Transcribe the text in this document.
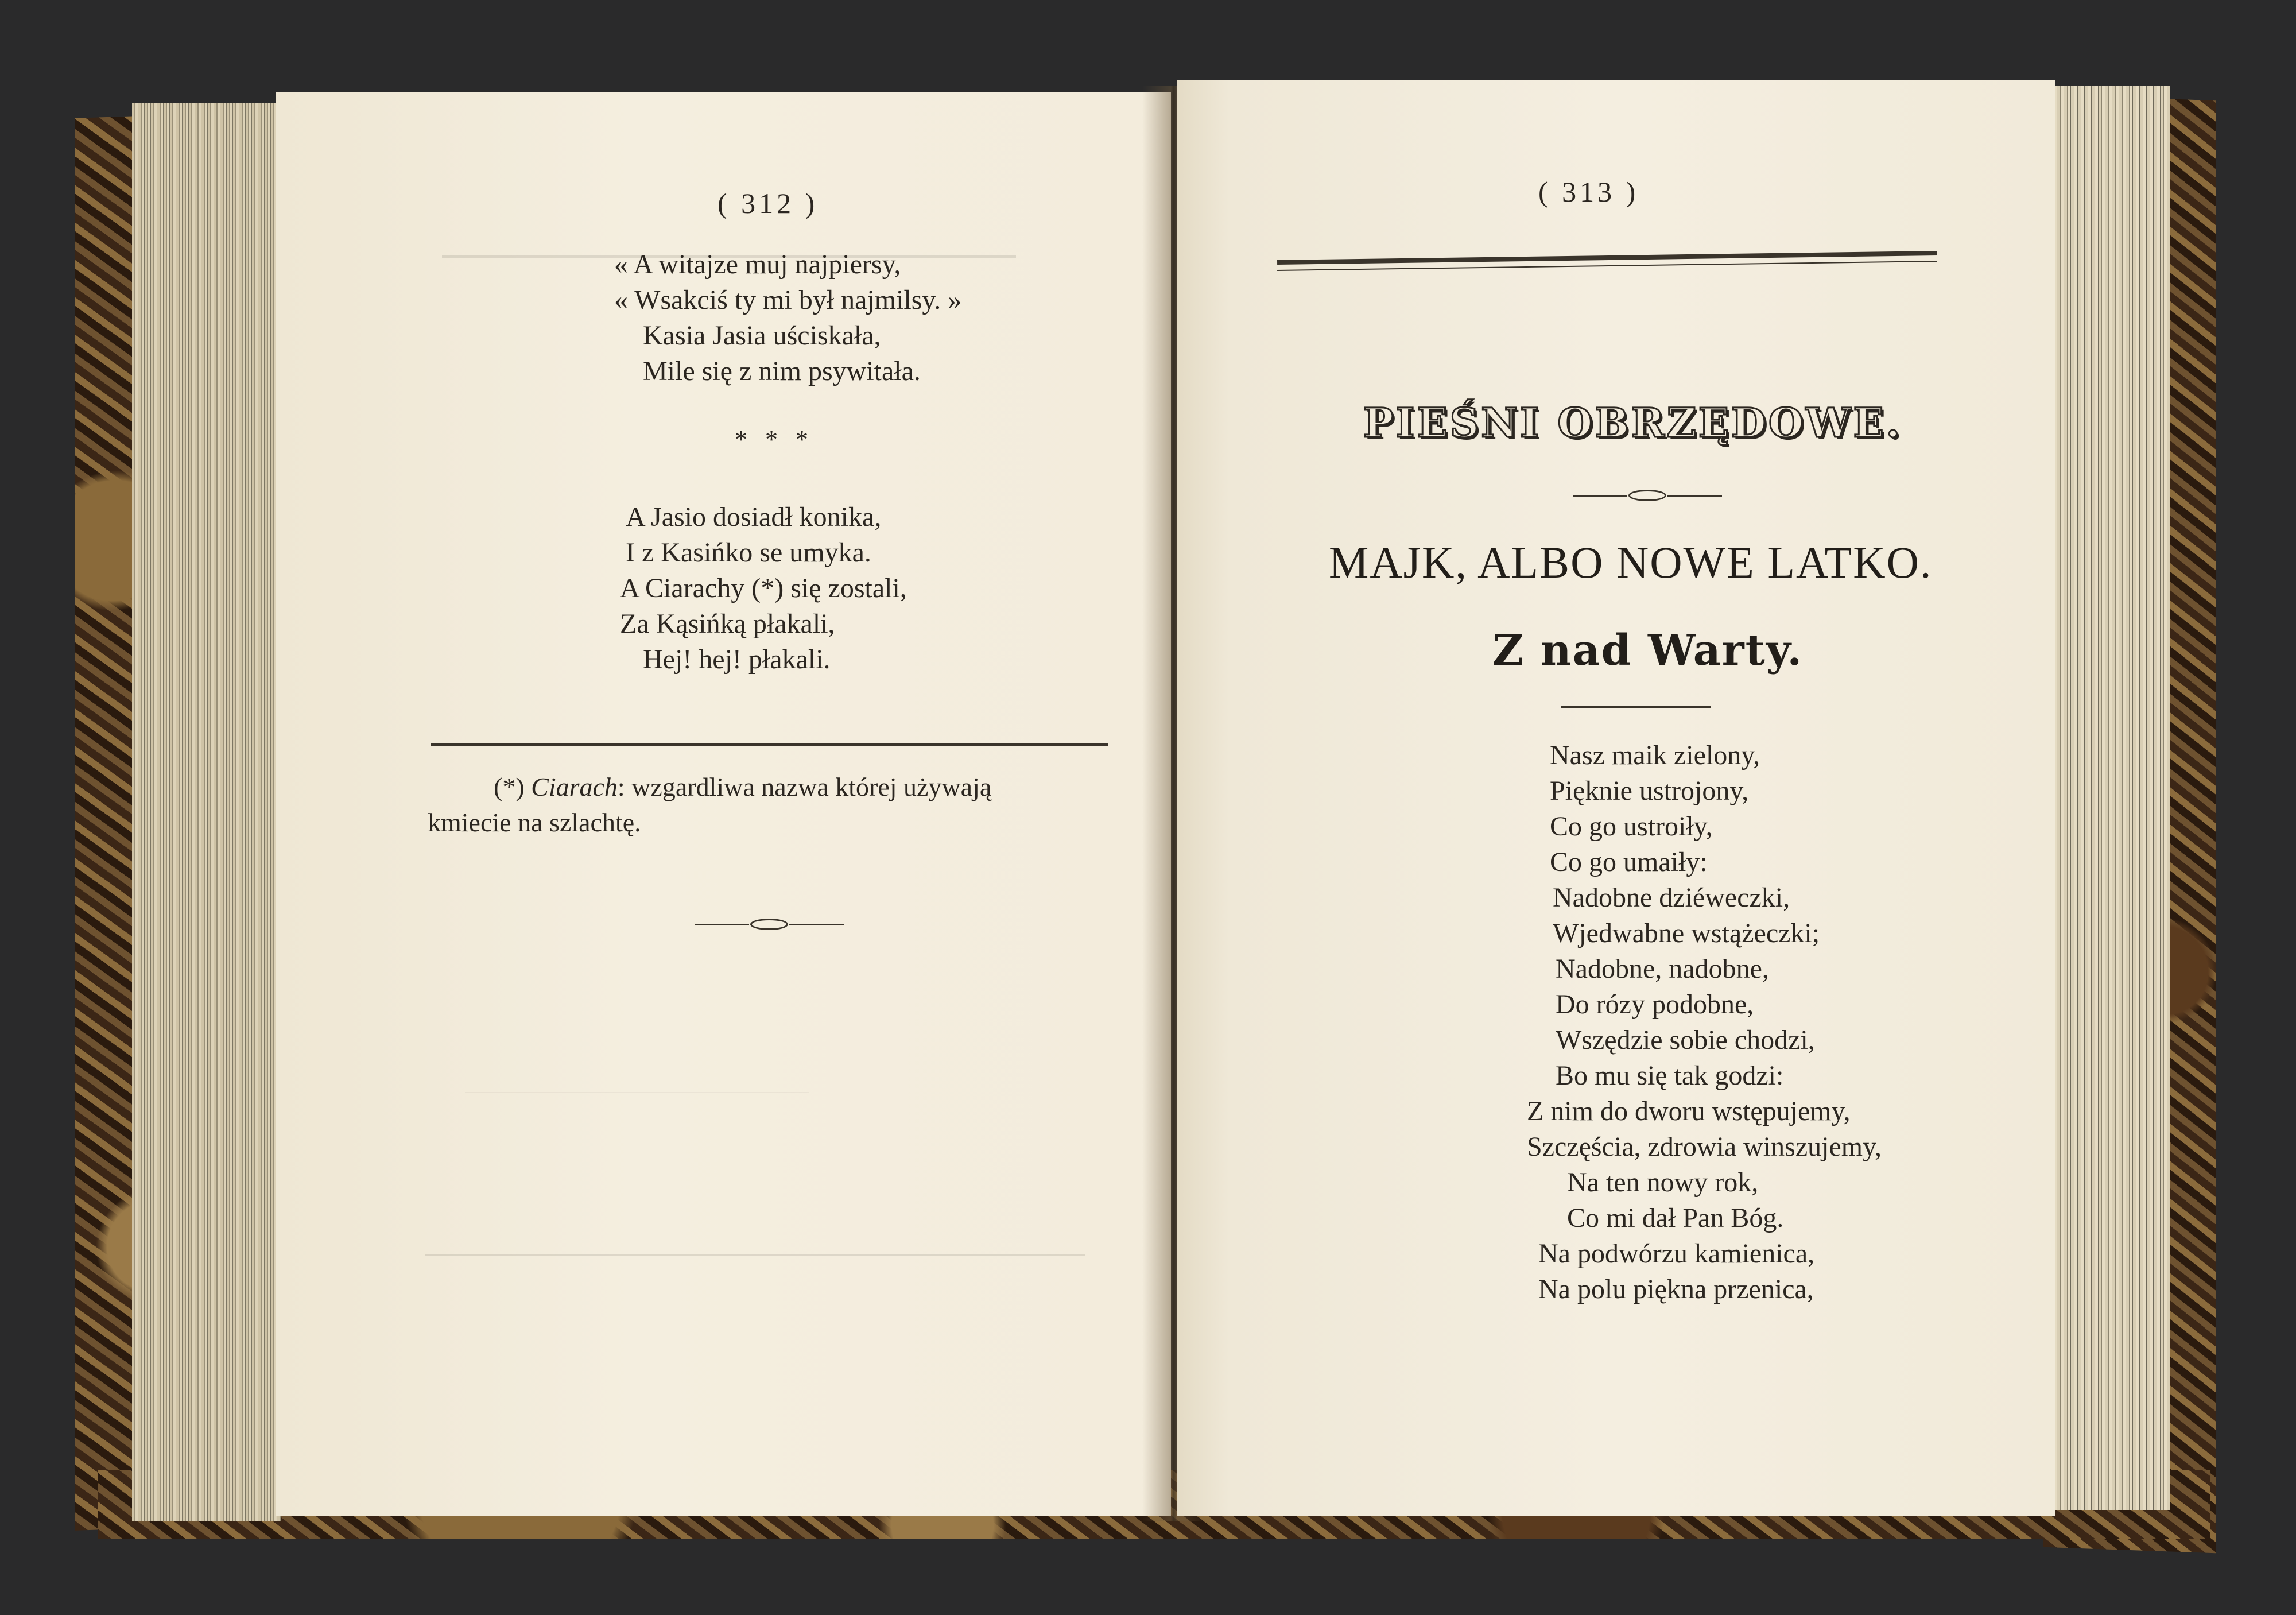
( 312 )
« A witajze muj najpiersy,
« Wsakciś ty mi był najmilsy. »
Kasia Jasia uściskała,
Mile się z nim psywitała.
* * *
A Jasio dosiadł konika,
I z Kasińko se umyka.
A Ciarachy (*) się zostali,
Za Kąsińką płakali,
Hej! hej! płakali.
(*) Ciarach: wzgardliwa nazwa której używają
kmiecie na szlachtę.
( 313 )
PIEŚNI OBRZĘDOWE.
MAJK, ALBO NOWE LATKO.
Z nad Warty.
Nasz maik zielony,
Pięknie ustrojony,
Co go ustroiły,
Co go umaiły:
Nadobne dziéweczki,
Wjedwabne wstążeczki;
Nadobne, nadobne,
Do rózy podobne,
Wszędzie sobie chodzi,
Bo mu się tak godzi:
Z nim do dworu wstępujemy,
Szczęścia, zdrowia winszujemy,
Na ten nowy rok,
Co mi dał Pan Bóg.
Na podwórzu kamienica,
Na polu piękna przenica,
